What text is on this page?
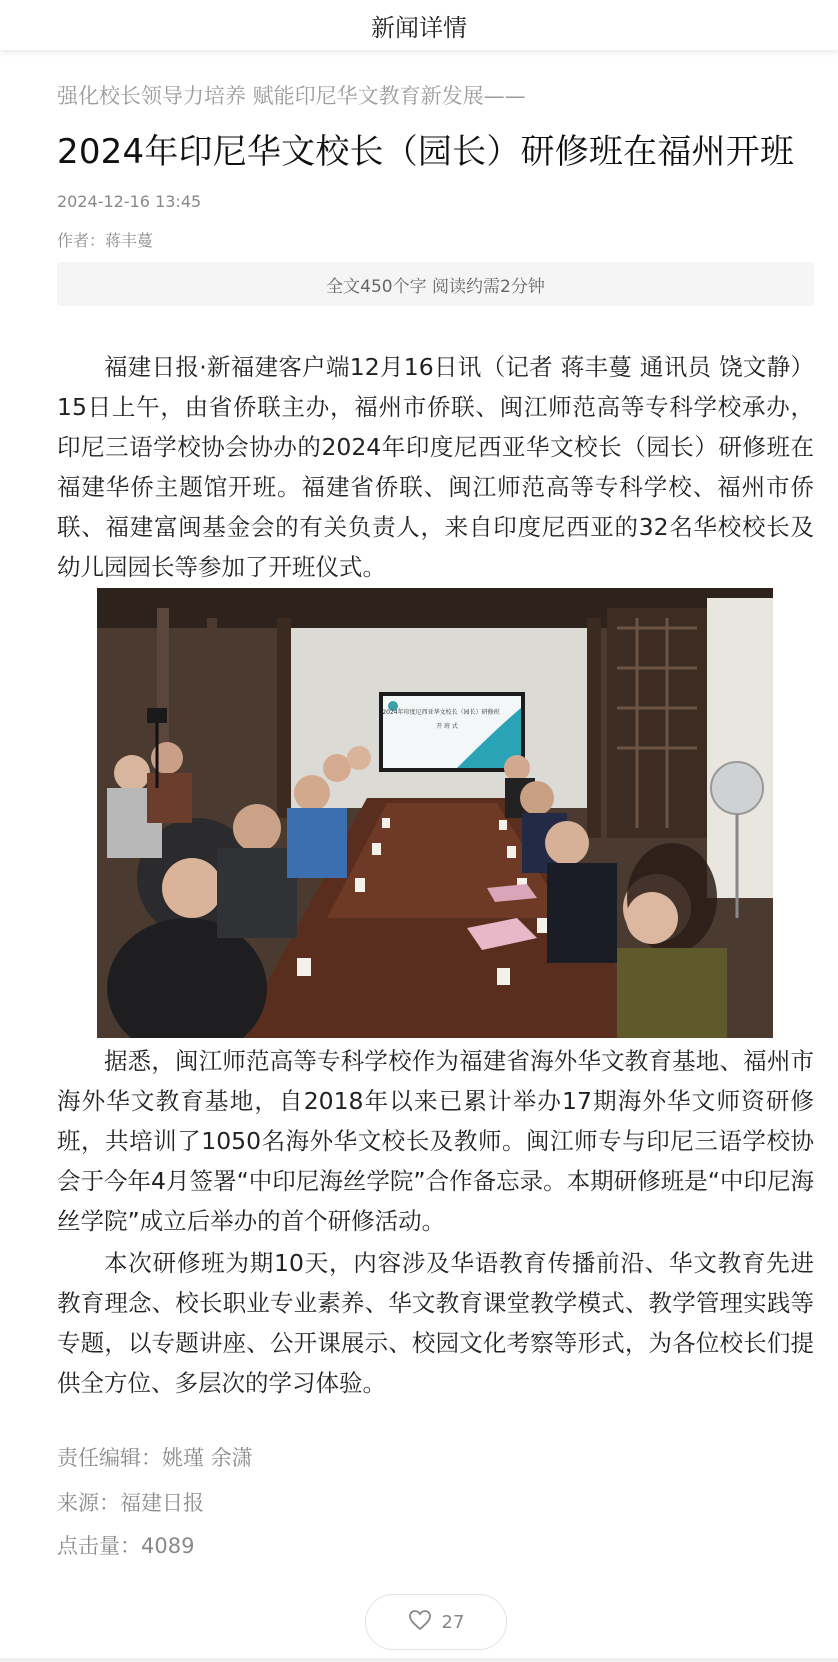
新闻详情
强化校长领导力培养 赋能印尼华文教育新发展——
2024年印尼华文校长（园长）研修班在福州开班
2024-12-16 13:45
作者：蒋丰蔓
全文450个字 阅读约需2分钟

福建日报·新福建客户端12月16日讯（记者 蒋丰蔓 通讯员 饶文静）15日上午，由省侨联主办，福州市侨联、闽江师范高等专科学校承办，印尼三语学校协会协办的2024年印度尼西亚华文校长（园长）研修班在福建华侨主题馆开班。福建省侨联、闽江师范高等专科学校、福州市侨联、福建富闽基金会的有关负责人，来自印度尼西亚的32名华校校长及幼儿园园长等参加了开班仪式。

2024年印度尼西亚华文校长（园长）研修班
开 班 式

据悉，闽江师范高等专科学校作为福建省海外华文教育基地、福州市海外华文教育基地，自2018年以来已累计举办17期海外华文师资研修班，共培训了1050名海外华文校长及教师。闽江师专与印尼三语学校协会于今年4月签署“中印尼海丝学院”合作备忘录。本期研修班是“中印尼海丝学院”成立后举办的首个研修活动。

本次研修班为期10天，内容涉及华语教育传播前沿、华文教育先进教育理念、校长职业专业素养、华文教育课堂教学模式、教学管理实践等专题，以专题讲座、公开课展示、校园文化考察等形式，为各位校长们提供全方位、多层次的学习体验。

责任编辑：姚瑾 余潇
来源：福建日报
点击量：4089
27
